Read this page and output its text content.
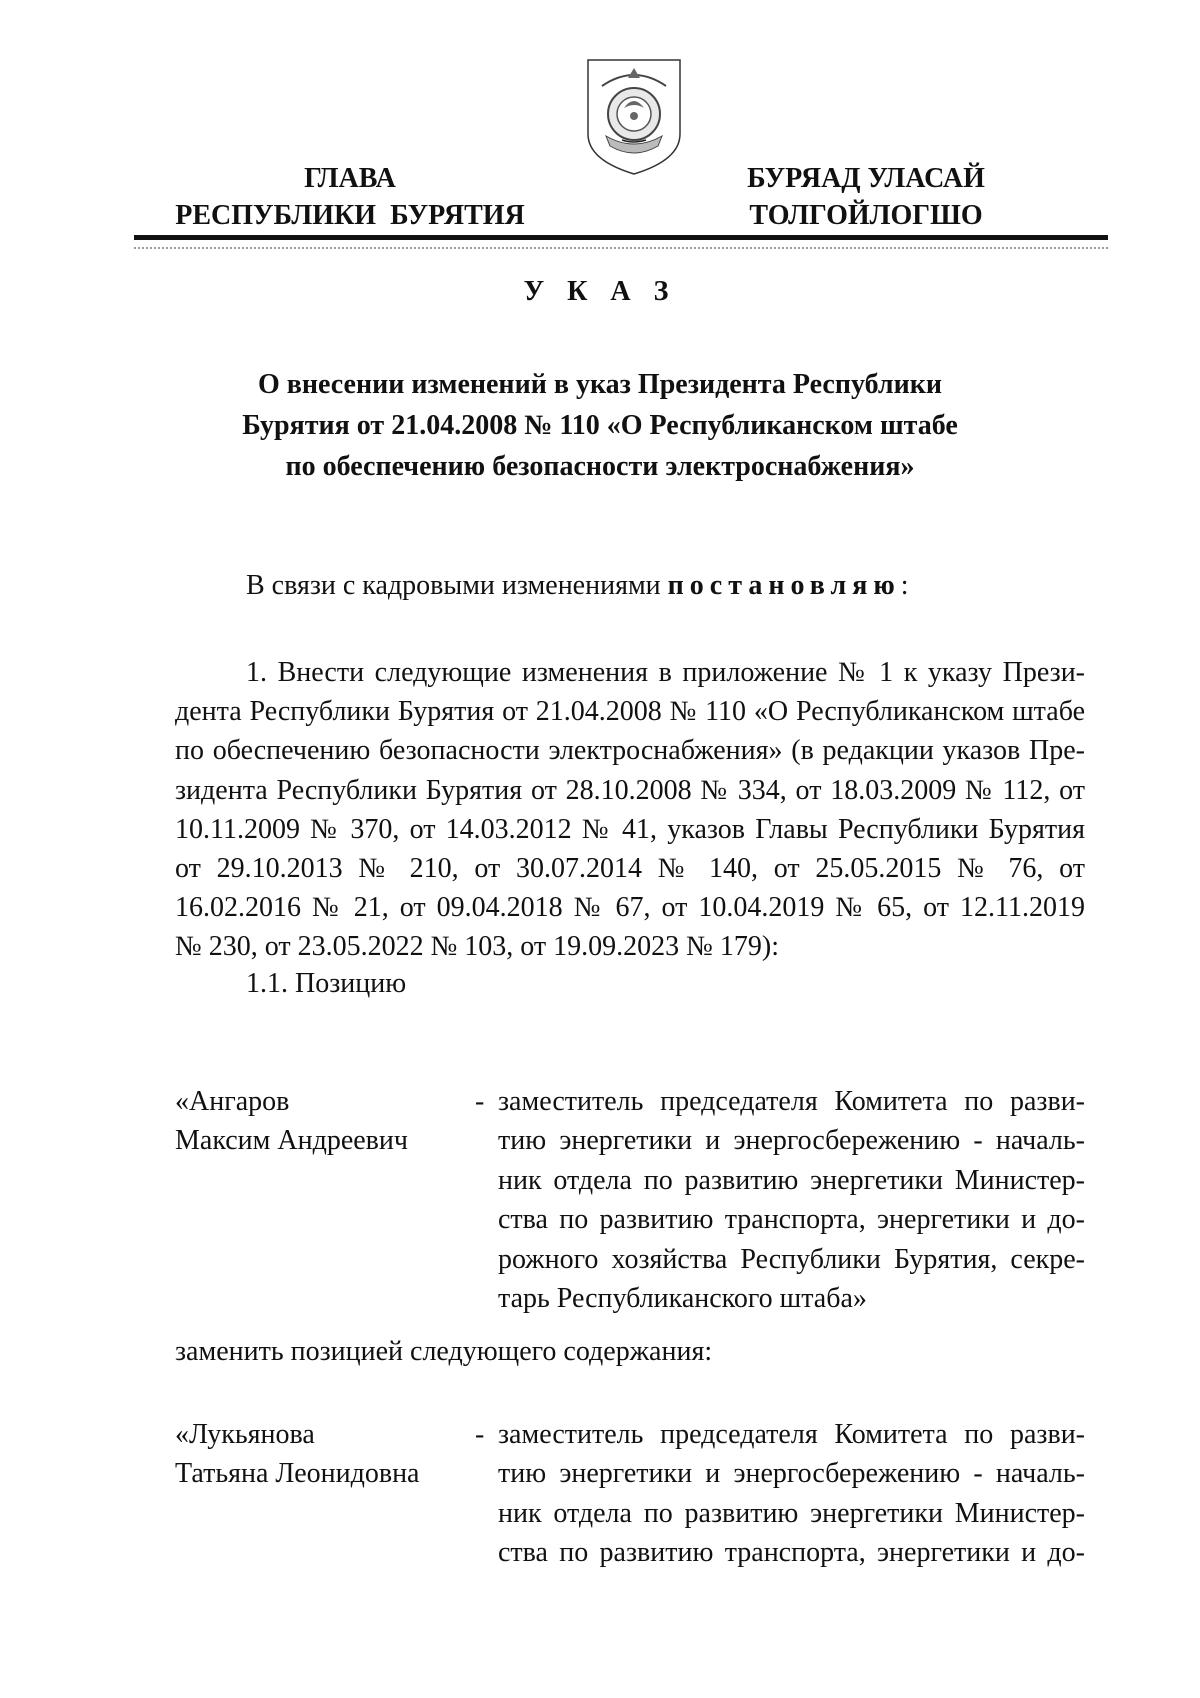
ГЛАВА
РЕСПУБЛИКИ  БУРЯТИЯ
БУРЯАД УЛАСАЙ
ТОЛГОЙЛОГШО
У К А З
О внесении изменений в указ Президента Республики
Бурятия от 21.04.2008 № 110 «О Республиканском штабе
по обеспечению безопасности электроснабжения»
В связи с кадровыми изменениями постановляю:
1. Внести следующие изменения в приложение № 1 к указу Прези-
дента Республики Бурятия от 21.04.2008 № 110 «О Республиканском штабе
по обеспечению безопасности электроснабжения» (в редакции указов Пре-
зидента Республики Бурятия от 28.10.2008 № 334, от 18.03.2009 № 112, от
10.11.2009 № 370, от 14.03.2012 № 41, указов Главы Республики Бурятия
от 29.10.2013 № 210, от 30.07.2014 № 140, от 25.05.2015 № 76, от
16.02.2016 № 21, от 09.04.2018 № 67, от 10.04.2019 № 65, от 12.11.2019
№ 230, от 23.05.2022 № 103, от 19.09.2023 № 179):
1.1. Позицию
«Ангаров
Максим Андреевич
- заместитель председателя Комитета по разви-
тию энергетики и энергосбережению - началь-
ник отдела по развитию энергетики Министер-
ства по развитию транспорта, энергетики и до-
рожного хозяйства Республики Бурятия, секре-
тарь Республиканского штаба»
заменить позицией следующего содержания:
«Лукьянова
Татьяна Леонидовна
- заместитель председателя Комитета по разви-
тию энергетики и энергосбережению - началь-
ник отдела по развитию энергетики Министер-
ства по развитию транспорта, энергетики и до-
